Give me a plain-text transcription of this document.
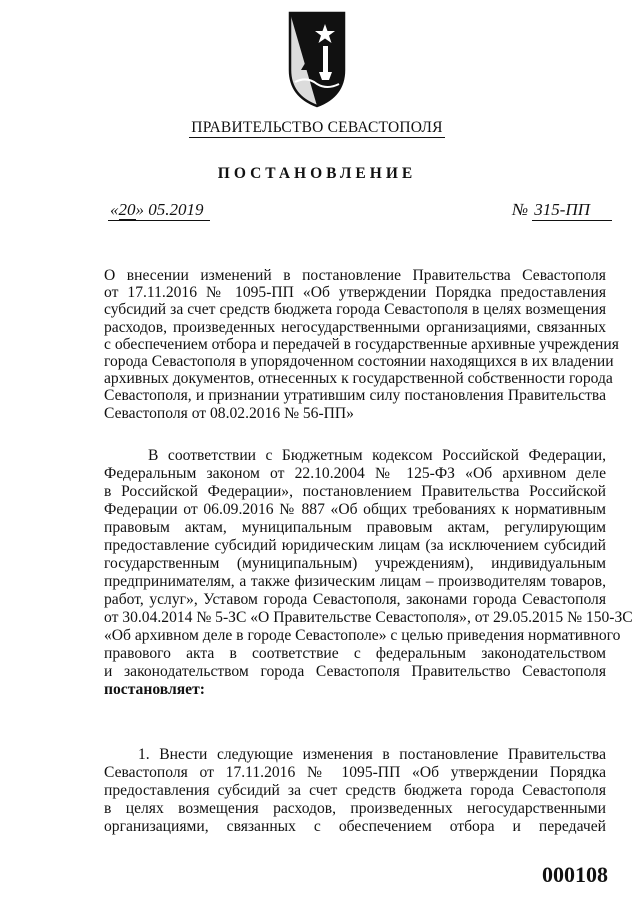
ПРАВИТЕЛЬСТВО СЕВАСТОПОЛЯ
ПОСТАНОВЛЕНИЕ
«20» 05.2019	№ 315-ПП
О внесении изменений в постановление Правительства Севастополя
от 17.11.2016 № 1095-ПП «Об утверждении Порядка предоставления
субсидий за счет средств бюджета города Севастополя в целях возмещения
расходов, произведенных негосударственными организациями, связанных
с обеспечением отбора и передачей в государственные архивные учреждения
города Севастополя в упорядоченном состоянии находящихся в их владении
архивных документов, отнесенных к государственной собственности города
Севастополя, и признании утратившим силу постановления Правительства
Севастополя от 08.02.2016 № 56-ПП»
В соответствии с Бюджетным кодексом Российской Федерации,
Федеральным законом от 22.10.2004 № 125-ФЗ «Об архивном деле
в Российской Федерации», постановлением Правительства Российской
Федерации от 06.09.2016 № 887 «Об общих требованиях к нормативным
правовым актам, муниципальным правовым актам, регулирующим
предоставление субсидий юридическим лицам (за исключением субсидий
государственным (муниципальным) учреждениям), индивидуальным
предпринимателям, а также физическим лицам – производителям товаров,
работ, услуг», Уставом города Севастополя, законами города Севастополя
от 30.04.2014 № 5-ЗС «О Правительстве Севастополя», от 29.05.2015 № 150-ЗС
«Об архивном деле в городе Севастополе» с целью приведения нормативного
правового акта в соответствие с федеральным законодательством
и законодательством города Севастополя Правительство Севастополя
постановляет:
1. Внести следующие изменения в постановление Правительства
Севастополя от 17.11.2016 № 1095-ПП «Об утверждении Порядка
предоставления субсидий за счет средств бюджета города Севастополя
в целях возмещения расходов, произведенных негосударственными
организациями, связанных с обеспечением отбора и передачей
000108
